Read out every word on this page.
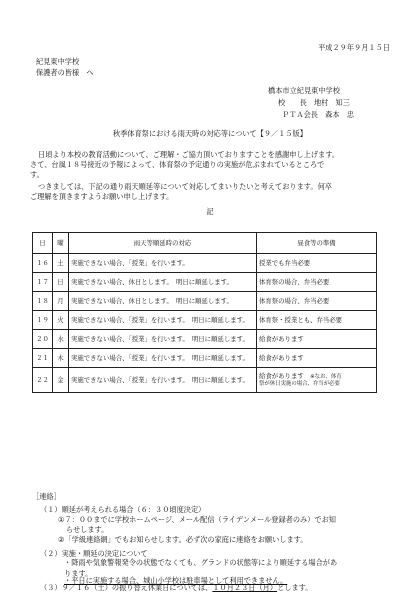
平成２９年９月１５日
紀見東中学校
保護者の皆様　へ
橋本市立紀見東中学校
校　　長　地村　知三
ＰＴＡ会長　森本　忠
秋季体育祭における雨天時の対応等について【９／１５版】
日頃より本校の教育活動について、ご理解・ご協力頂いておりますことを感謝申し上げます。
さて、台風１８号接近の予報によって、体育祭の予定通りの実施が危ぶまれているところで
す。
つきましては、下記の通り雨天順延等について対応してまいりたいと考えております。何卒
ご理解を頂きますようお願い申し上げます。
記
日	曜	雨天等順延時の対応	昼食等の準備
１６	土	実施できない場合、「授業」を行います。	授業でも弁当必要
１７	日	実施できない場合、休日とします。　明日に順延します。	体育祭の場合、弁当必要
１８	月	実施できない場合、休日とします。　明日に順延します。	体育祭の場合、弁当必要
１９	火	実施できない場合、「授業」を行います。　明日に順延します。	体育祭・授業とも、弁当必要
２０	水	実施できない場合、「授業」を行います。　明日に順延します。	給食があります
２１	木	実施できない場合、「授業」を行います。　明日に順延します。	給食があります
２２	金	実施できない場合、「授業」を行います。　明日に順延します。	給食があります　 ※なお、体育
祭が休日実施の場合、弁当が必要
［連絡］
（１）順延が考えられる場合（６：３０頃度決定）
①７：００までに学校ホームページ、メール配信（ライデンメール登録者のみ）でお知
らせします。
②「学級連絡網」でもお知らせします。必ず次の家庭に連絡をお願いします。
（２）実施・順延の決定について
・降雨や気象警報発令の状態でなくても、グランドの状態等により順延する場合があ
ります。
（３）９／１６（土）の振り替え休業日については、１０月２３日（月）とします。
・平日に実施する場合、城山小学校は駐車場として利用できません。
